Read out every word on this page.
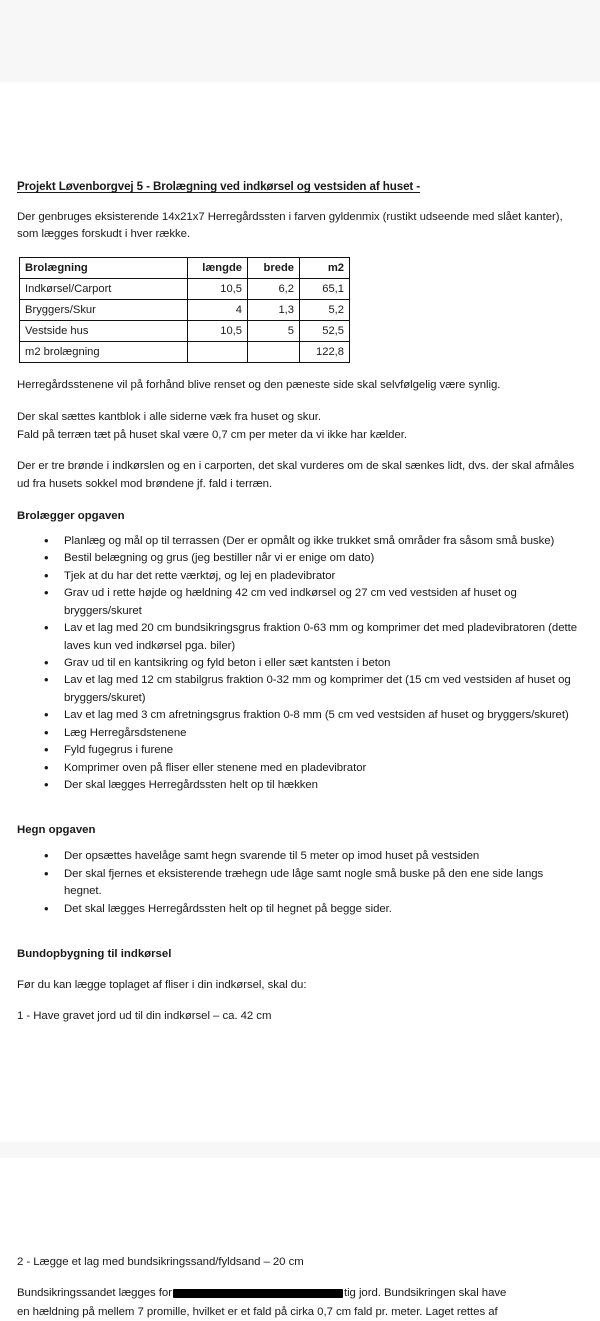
Projekt Løvenborgvej 5 - Brolægning ved indkørsel og vestsiden af huset -

Der genbruges eksisterende 14x21x7 Herregårdssten i farven gyldenmix (rustikt udseende med slået kanter), som lægges forskudt i hver række.

Brolægning	længde	brede	m2
Indkørsel/Carport	10,5	6,2	65,1
Bryggers/Skur	4	1,3	5,2
Vestside hus	10,5	5	52,5
m2 brolægning			122,8

Herregårdsstenene vil på forhånd blive renset og den pæneste side skal selvfølgelig være synlig.

Der skal sættes kantblok i alle siderne væk fra huset og skur.

Fald på terræn tæt på huset skal være 0,7 cm per meter da vi ikke har kælder.

Der er tre brønde i indkørslen og en i carporten, det skal vurderes om de skal sænkes lidt, dvs. der skal afmåles ud fra husets sokkel mod brøndene jf. fald i terræn.

Brolægger opgaven
• Planlæg og mål op til terrassen (Der er opmålt og ikke trukket små områder fra såsom små buske)
• Bestil belægning og grus (jeg bestiller når vi er enige om dato)
• Tjek at du har det rette værktøj, og lej en pladevibrator
• Grav ud i rette højde og hældning 42 cm ved indkørsel og 27 cm ved vestsiden af huset og bryggers/skuret
• Lav et lag med 20 cm bundsikringsgrus fraktion 0-63 mm og komprimer det med pladevibratoren (dette laves kun ved indkørsel pga. biler)
• Grav ud til en kantsikring og fyld beton i eller sæt kantsten i beton
• Lav et lag med 12 cm stabilgrus fraktion 0-32 mm og komprimer det (15 cm ved vestsiden af huset og bryggers/skuret)
• Lav et lag med 3 cm afretningsgrus fraktion 0-8 mm (5 cm ved vestsiden af huset og bryggers/skuret)
• Læg Herregårsdstenene
• Fyld fugegrus i furene
• Komprimer oven på fliser eller stenene med en pladevibrator
• Der skal lægges Herregårdssten helt op til hækken
Hegn opgaven
• Der opsættes havelåge samt hegn svarende til 5 meter op imod huset på vestsiden
• Der skal fjernes et eksisterende træhegn ude låge samt nogle små buske på den ene side langs hegnet.
• Det skal lægges Herregårdssten helt op til hegnet på begge sider.
Bundopbygning til indkørsel

Før du kan lægge toplaget af fliser i din indkørsel, skal du:

1 - Have gravet jord ud til din indkørsel – ca. 42 cm

2 - Lægge et lag med bundsikringssand/fyldsand – 20 cm

Bundsikringssandet lægges for	tig jord. Bundsikringen skal have

en hældning på mellem 7 promille, hvilket er et fald på cirka 0,7 cm fald pr. meter. Laget rettes af
